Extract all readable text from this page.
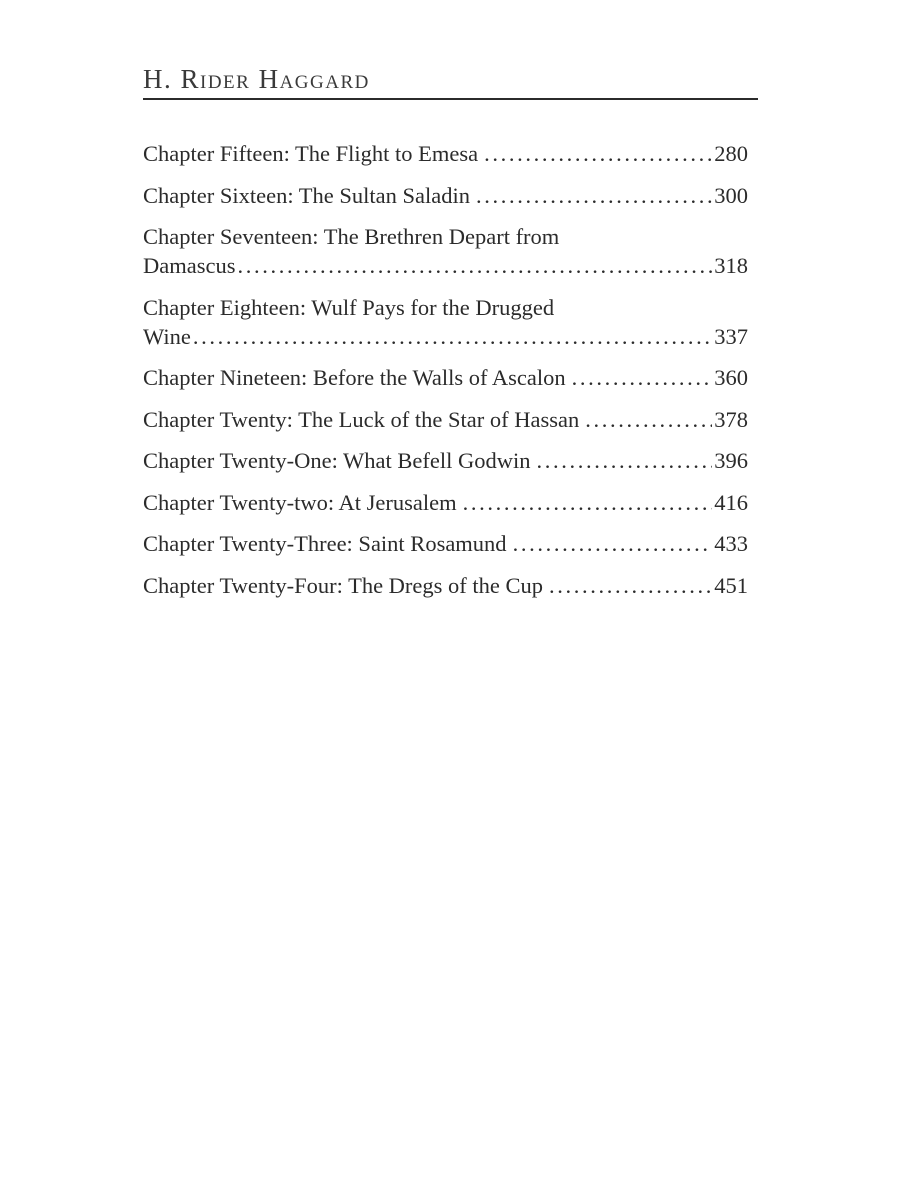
H. Rider Haggard
Chapter Fifteen: The Flight to Emesa . . .	280
Chapter Sixteen: The Sultan Saladin . . .	300
Chapter Seventeen: The Brethren Depart from
Damascus . . .	318
Chapter Eighteen: Wulf Pays for the Drugged
Wine . . .	337
Chapter Nineteen: Before the Walls of Ascalon . . .	360
Chapter Twenty: The Luck of the Star of Hassan . . .	378
Chapter Twenty-One: What Befell Godwin . . .	396
Chapter Twenty-two: At Jerusalem . . .	416
Chapter Twenty-Three: Saint Rosamund . . .	433
Chapter Twenty-Four: The Dregs of the Cup . . .	451
